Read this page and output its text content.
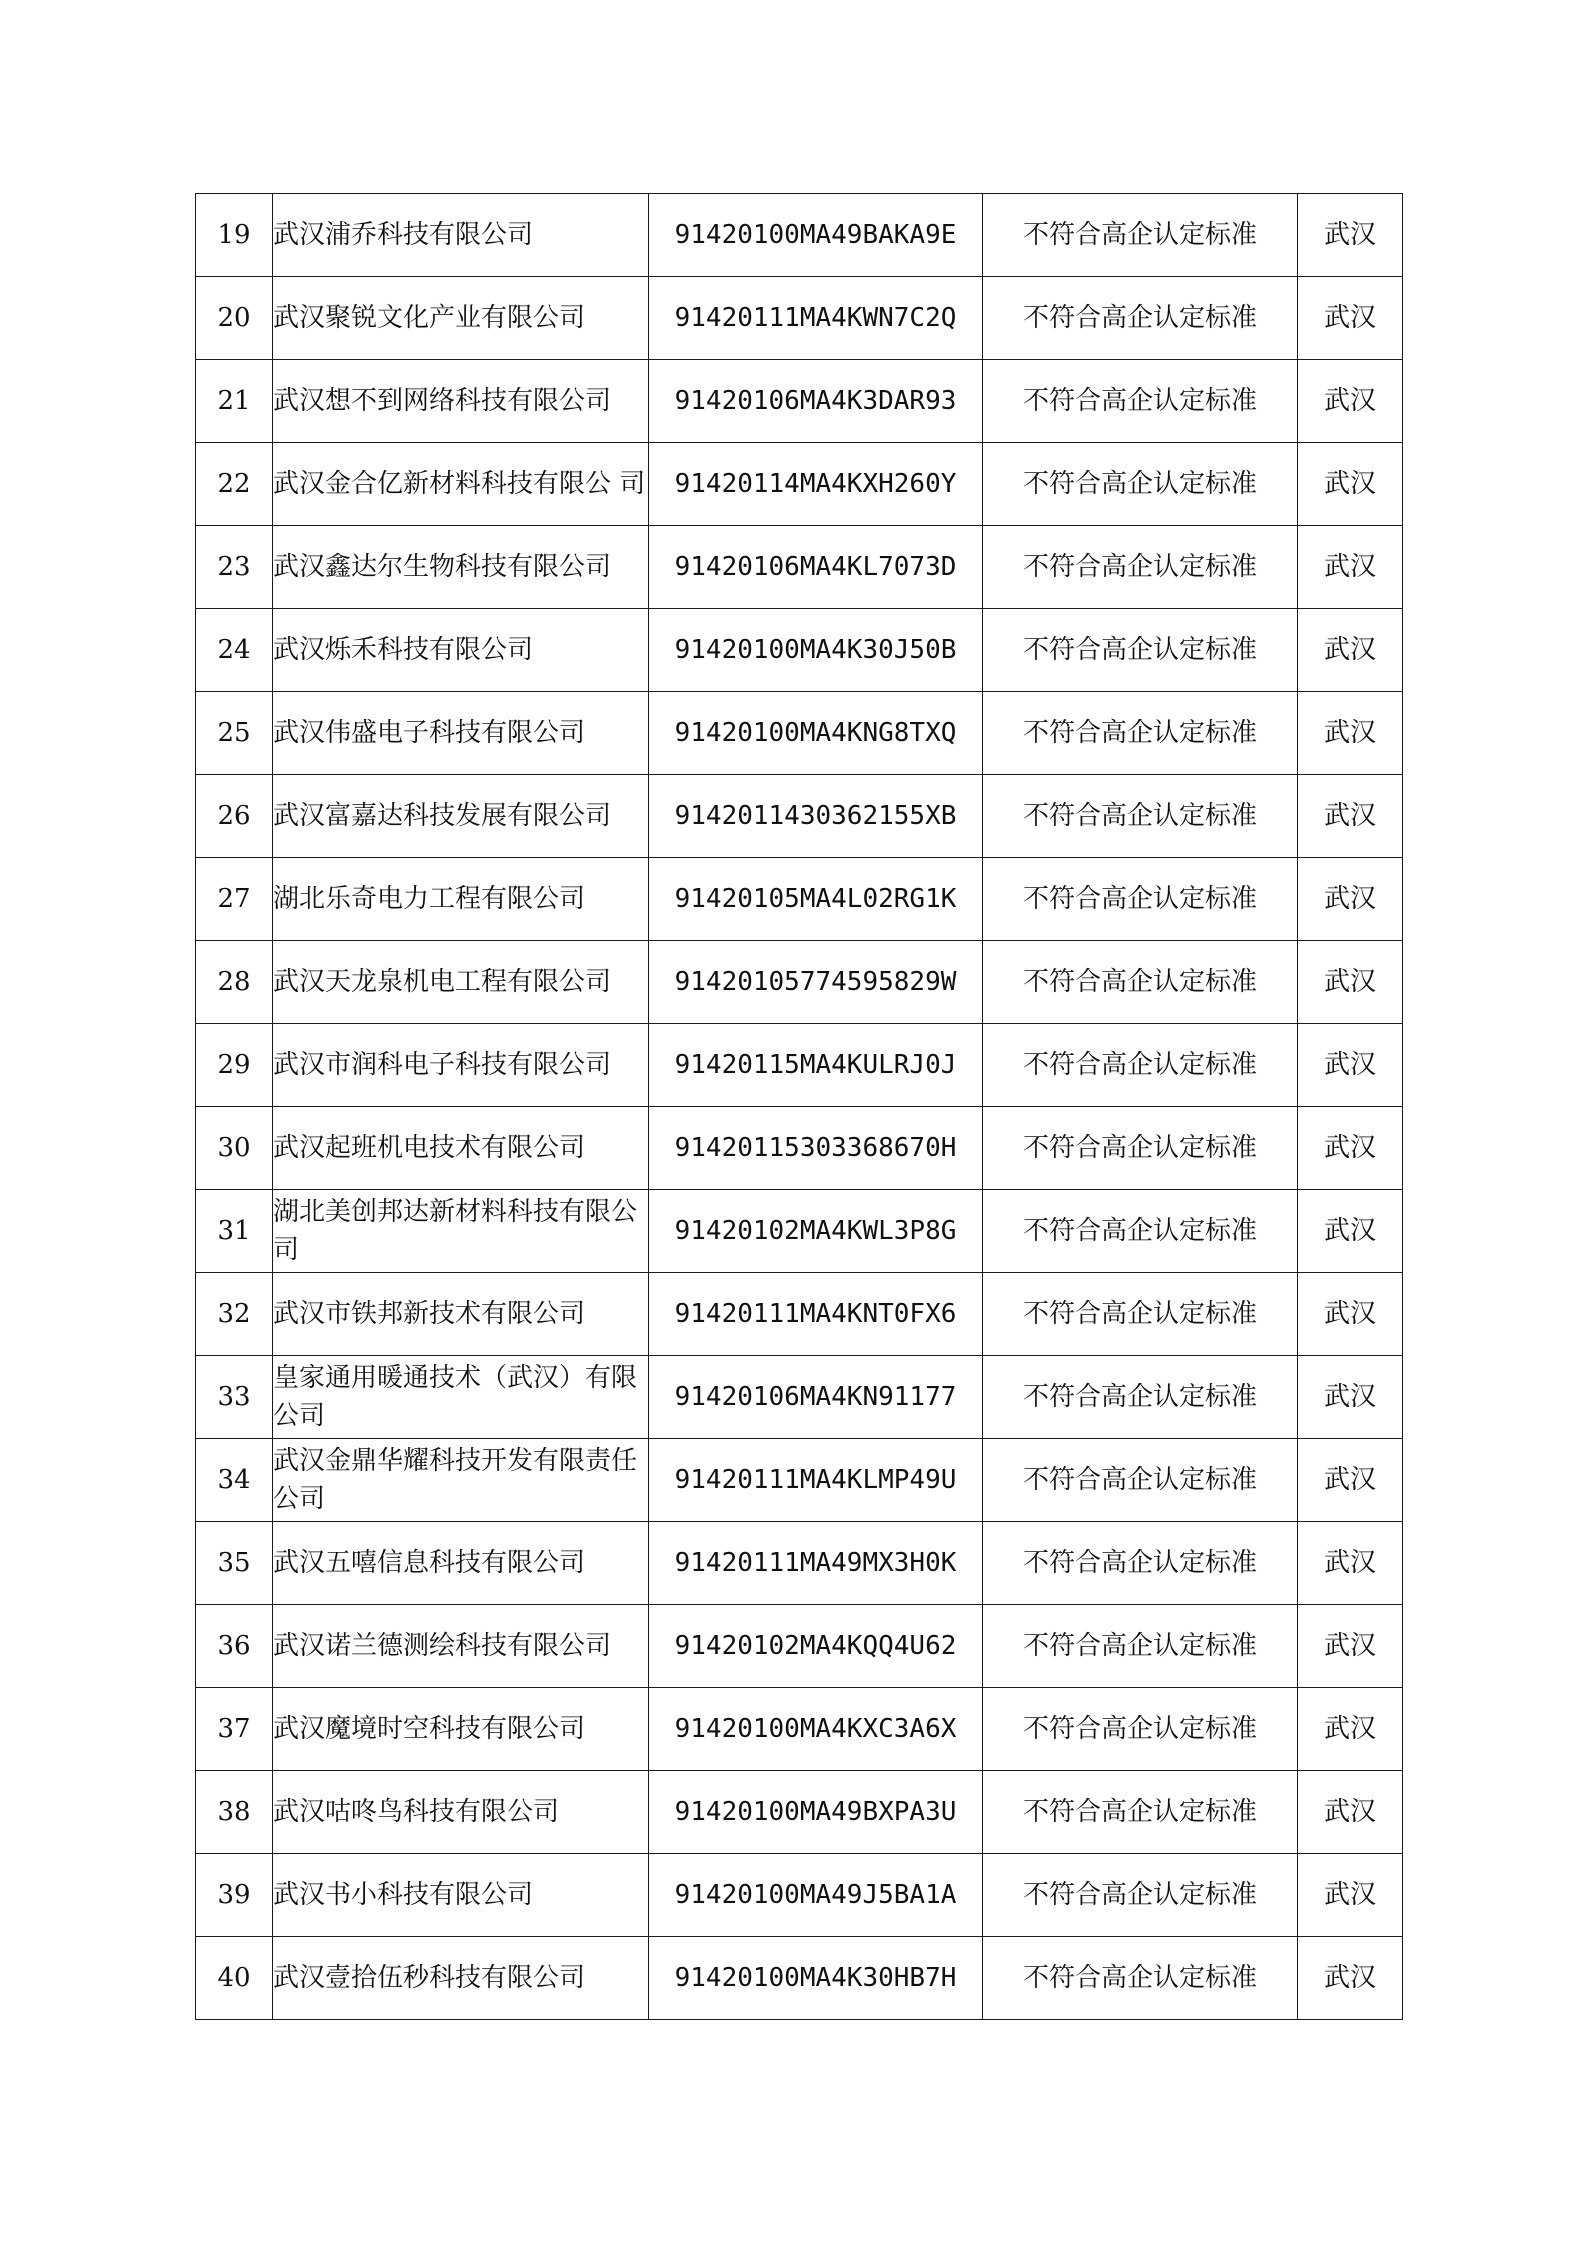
19	武汉浦乔科技有限公司	91420100MA49BAKA9E	不符合高企认定标准	武汉
20	武汉聚锐文化产业有限公司	91420111MA4KWN7C2Q	不符合高企认定标准	武汉
21	武汉想不到网络科技有限公司	91420106MA4K3DAR93	不符合高企认定标准	武汉
22	武汉金合亿新材料科技有限公 司	91420114MA4KXH260Y	不符合高企认定标准	武汉
23	武汉鑫达尔生物科技有限公司	91420106MA4KL7073D	不符合高企认定标准	武汉
24	武汉烁禾科技有限公司	91420100MA4K30J50B	不符合高企认定标准	武汉
25	武汉伟盛电子科技有限公司	91420100MA4KNG8TXQ	不符合高企认定标准	武汉
26	武汉富嘉达科技发展有限公司	9142011430362155XB	不符合高企认定标准	武汉
27	湖北乐奇电力工程有限公司	91420105MA4L02RG1K	不符合高企认定标准	武汉
28	武汉天龙泉机电工程有限公司	91420105774595829W	不符合高企认定标准	武汉
29	武汉市润科电子科技有限公司	91420115MA4KULRJ0J	不符合高企认定标准	武汉
30	武汉起班机电技术有限公司	91420115303368670H	不符合高企认定标准	武汉
31	湖北美创邦达新材料科技有限公司	91420102MA4KWL3P8G	不符合高企认定标准	武汉
32	武汉市铁邦新技术有限公司	91420111MA4KNT0FX6	不符合高企认定标准	武汉
33	皇家通用暖通技术（武汉）有限公司	91420106MA4KN91177	不符合高企认定标准	武汉
34	武汉金鼎华耀科技开发有限责任公司	91420111MA4KLMP49U	不符合高企认定标准	武汉
35	武汉五嘻信息科技有限公司	91420111MA49MX3H0K	不符合高企认定标准	武汉
36	武汉诺兰德测绘科技有限公司	91420102MA4KQQ4U62	不符合高企认定标准	武汉
37	武汉魔境时空科技有限公司	91420100MA4KXC3A6X	不符合高企认定标准	武汉
38	武汉咕咚鸟科技有限公司	91420100MA49BXPA3U	不符合高企认定标准	武汉
39	武汉书小科技有限公司	91420100MA49J5BA1A	不符合高企认定标准	武汉
40	武汉壹拾伍秒科技有限公司	91420100MA4K30HB7H	不符合高企认定标准	武汉
